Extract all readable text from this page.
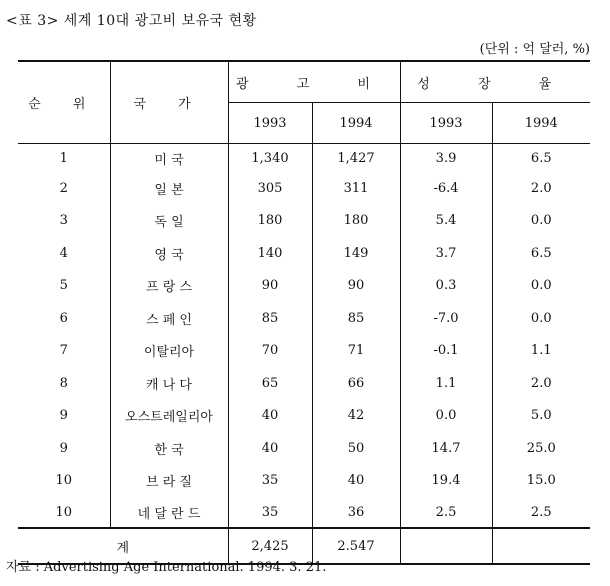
<표 3> 세계 10대 광고비 보유국 현황
(단위 : 억 달러, %)
순 위	국 가	광 고 비		성 장 율	
		1993	1994	1993	1994
1	미 국	1,340	1,427	3.9	6.5
2	일 본	305	311	-6.4	2.0
3	독 일	180	180	5.4	0.0
4	영 국	140	149	3.7	6.5
5	프 랑 스	90	90	0.3	0.0
6	스 페 인	85	85	-7.0	0.0
7	이탈리아	70	71	-0.1	1.1
8	캐 나 다	65	66	1.1	2.0
9	오스트레일리아	40	42	0.0	5.0
9	한 국	40	50	14.7	25.0
10	브 라 질	35	40	19.4	15.0
10	네 달 란 드	35	36	2.5	2.5
계		2,425	2.547		
자료 : Advertising Age International. 1994. 3. 21.
